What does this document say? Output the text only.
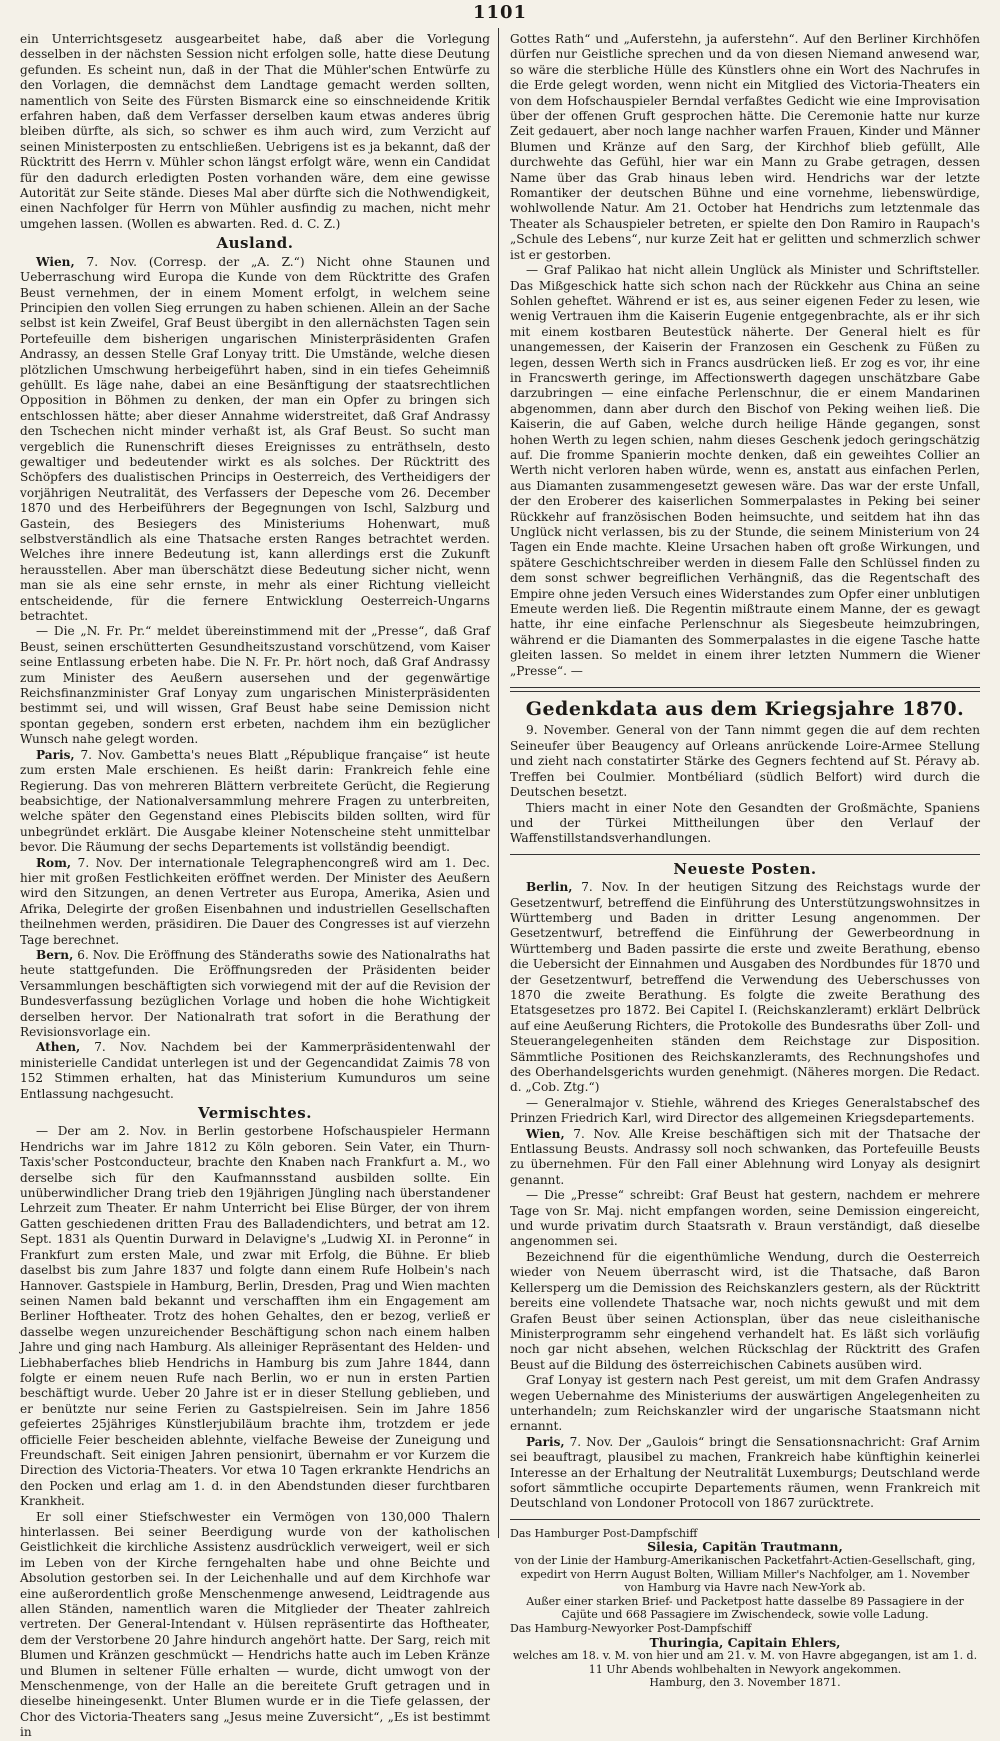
1101

ein Unterrichtsgesetz ausgearbeitet habe, daß aber die Vorlegung desselben in der nächsten Session nicht erfolgen solle, hatte diese Deutung gefunden. Es scheint nun, daß in der That die Mühler'schen Entwürfe zu den Vorlagen, die demnächst dem Landtage gemacht werden sollten, namentlich von Seite des Fürsten Bismarck eine so einschneidende Kritik erfahren haben, daß dem Verfasser derselben kaum etwas anderes übrig bleiben dürfte, als sich, so schwer es ihm auch wird, zum Verzicht auf seinen Ministerposten zu entschließen. Uebrigens ist es ja bekannt, daß der Rücktritt des Herrn v. Mühler schon längst erfolgt wäre, wenn ein Candidat für den dadurch erledigten Posten vorhanden wäre, dem eine gewisse Autorität zur Seite stände. Dieses Mal aber dürfte sich die Nothwendigkeit, einen Nachfolger für Herrn von Mühler ausfindig zu machen, nicht mehr umgehen lassen. (Wollen es abwarten. Red. d. C. Z.)

Ausland.

Wien, 7. Nov. (Corresp. der „A. Z.“) Nicht ohne Staunen und Ueberraschung wird Europa die Kunde von dem Rücktritte des Grafen Beust vernehmen, der in einem Moment erfolgt, in welchem seine Principien den vollen Sieg errungen zu haben schienen. Allein an der Sache selbst ist kein Zweifel, Graf Beust übergibt in den allernächsten Tagen sein Portefeuille dem bisherigen ungarischen Ministerpräsidenten Grafen Andrassy, an dessen Stelle Graf Lonyay tritt. Die Umstände, welche diesen plötzlichen Umschwung herbeigeführt haben, sind in ein tiefes Geheimniß gehüllt. Es läge nahe, dabei an eine Besänftigung der staatsrechtlichen Opposition in Böhmen zu denken, der man ein Opfer zu bringen sich entschlossen hätte; aber dieser Annahme widerstreitet, daß Graf Andrassy den Tschechen nicht minder verhaßt ist, als Graf Beust. So sucht man vergeblich die Runenschrift dieses Ereignisses zu enträthseln, desto gewaltiger und bedeutender wirkt es als solches. Der Rücktritt des Schöpfers des dualistischen Princips in Oesterreich, des Vertheidigers der vorjährigen Neutralität, des Verfassers der Depesche vom 26. December 1870 und des Herbeiführers der Begegnungen von Ischl, Salzburg und Gastein, des Besiegers des Ministeriums Hohenwart, muß selbstverständlich als eine Thatsache ersten Ranges betrachtet werden. Welches ihre innere Bedeutung ist, kann allerdings erst die Zukunft herausstellen. Aber man überschätzt diese Bedeutung sicher nicht, wenn man sie als eine sehr ernste, in mehr als einer Richtung vielleicht entscheidende, für die fernere Entwicklung Oesterreich-Ungarns betrachtet.

— Die „N. Fr. Pr.“ meldet übereinstimmend mit der „Presse“, daß Graf Beust, seinen erschütterten Gesundheitszustand vorschützend, vom Kaiser seine Entlassung erbeten habe. Die N. Fr. Pr. hört noch, daß Graf Andrassy zum Minister des Aeußern ausersehen und der gegenwärtige Reichsfinanzminister Graf Lonyay zum ungarischen Ministerpräsidenten bestimmt sei, und will wissen, Graf Beust habe seine Demission nicht spontan gegeben, sondern erst erbeten, nachdem ihm ein bezüglicher Wunsch nahe gelegt worden.

Paris, 7. Nov. Gambetta's neues Blatt „République française“ ist heute zum ersten Male erschienen. Es heißt darin: Frankreich fehle eine Regierung. Das von mehreren Blättern verbreitete Gerücht, die Regierung beabsichtige, der Nationalversammlung mehrere Fragen zu unterbreiten, welche später den Gegenstand eines Plebiscits bilden sollten, wird für unbegründet erklärt. Die Ausgabe kleiner Notenscheine steht unmittelbar bevor. Die Räumung der sechs Departements ist vollständig beendigt.

Rom, 7. Nov. Der internationale Telegraphencongreß wird am 1. Dec. hier mit großen Festlichkeiten eröffnet werden. Der Minister des Aeußern wird den Sitzungen, an denen Vertreter aus Europa, Amerika, Asien und Afrika, Delegirte der großen Eisenbahnen und industriellen Gesellschaften theilnehmen werden, präsidiren. Die Dauer des Congresses ist auf vierzehn Tage berechnet.

Bern, 6. Nov. Die Eröffnung des Ständeraths sowie des Nationalraths hat heute stattgefunden. Die Eröffnungsreden der Präsidenten beider Versammlungen beschäftigten sich vorwiegend mit der auf die Revision der Bundesverfassung bezüglichen Vorlage und hoben die hohe Wichtigkeit derselben hervor. Der Nationalrath trat sofort in die Berathung der Revisionsvorlage ein.

Athen, 7. Nov. Nachdem bei der Kammerpräsidentenwahl der ministerielle Candidat unterlegen ist und der Gegencandidat Zaimis 78 von 152 Stimmen erhalten, hat das Ministerium Kumunduros um seine Entlassung nachgesucht.

Vermischtes.

— Der am 2. Nov. in Berlin gestorbene Hofschauspieler Hermann Hendrichs war im Jahre 1812 zu Köln geboren. Sein Vater, ein Thurn-Taxis'scher Postconducteur, brachte den Knaben nach Frankfurt a. M., wo derselbe sich für den Kaufmannsstand ausbilden sollte. Ein unüberwindlicher Drang trieb den 19jährigen Jüngling nach überstandener Lehrzeit zum Theater. Er nahm Unterricht bei Elise Bürger, der von ihrem Gatten geschiedenen dritten Frau des Balladendichters, und betrat am 12. Sept. 1831 als Quentin Durward in Delavigne's „Ludwig XI. in Peronne“ in Frankfurt zum ersten Male, und zwar mit Erfolg, die Bühne. Er blieb daselbst bis zum Jahre 1837 und folgte dann einem Rufe Holbein's nach Hannover. Gastspiele in Hamburg, Berlin, Dresden, Prag und Wien machten seinen Namen bald bekannt und verschafften ihm ein Engagement am Berliner Hoftheater. Trotz des hohen Gehaltes, den er bezog, verließ er dasselbe wegen unzureichender Beschäftigung schon nach einem halben Jahre und ging nach Hamburg. Als alleiniger Repräsentant des Helden- und Liebhaberfaches blieb Hendrichs in Hamburg bis zum Jahre 1844, dann folgte er einem neuen Rufe nach Berlin, wo er nun in ersten Partien beschäftigt wurde. Ueber 20 Jahre ist er in dieser Stellung geblieben, und er benützte nur seine Ferien zu Gastspielreisen. Sein im Jahre 1856 gefeiertes 25jähriges Künstlerjubiläum brachte ihm, trotzdem er jede officielle Feier bescheiden ablehnte, vielfache Beweise der Zuneigung und Freundschaft. Seit einigen Jahren pensionirt, übernahm er vor Kurzem die Direction des Victoria-Theaters. Vor etwa 10 Tagen erkrankte Hendrichs an den Pocken und erlag am 1. d. in den Abendstunden dieser furchtbaren Krankheit.

Er soll einer Stiefschwester ein Vermögen von 130,000 Thalern hinterlassen. Bei seiner Beerdigung wurde von der katholischen Geistlichkeit die kirchliche Assistenz ausdrücklich verweigert, weil er sich im Leben von der Kirche ferngehalten habe und ohne Beichte und Absolution gestorben sei. In der Leichenhalle und auf dem Kirchhofe war eine außerordentlich große Menschenmenge anwesend, Leidtragende aus allen Ständen, namentlich waren die Mitglieder der Theater zahlreich vertreten. Der General-Intendant v. Hülsen repräsentirte das Hoftheater, dem der Verstorbene 20 Jahre hindurch angehört hatte. Der Sarg, reich mit Blumen und Kränzen geschmückt — Hendrichs hatte auch im Leben Kränze und Blumen in seltener Fülle erhalten — wurde, dicht umwogt von der Menschenmenge, von der Halle an die bereitete Gruft getragen und in dieselbe hineingesenkt. Unter Blumen wurde er in die Tiefe gelassen, der Chor des Victoria-Theaters sang „Jesus meine Zuversicht“, „Es ist bestimmt in

Gottes Rath“ und „Auferstehn, ja auferstehn“. Auf den Berliner Kirchhöfen dürfen nur Geistliche sprechen und da von diesen Niemand anwesend war, so wäre die sterbliche Hülle des Künstlers ohne ein Wort des Nachrufes in die Erde gelegt worden, wenn nicht ein Mitglied des Victoria-Theaters ein von dem Hofschauspieler Berndal verfaßtes Gedicht wie eine Improvisation über der offenen Gruft gesprochen hätte. Die Ceremonie hatte nur kurze Zeit gedauert, aber noch lange nachher warfen Frauen, Kinder und Männer Blumen und Kränze auf den Sarg, der Kirchhof blieb gefüllt, Alle durchwehte das Gefühl, hier war ein Mann zu Grabe getragen, dessen Name über das Grab hinaus leben wird. Hendrichs war der letzte Romantiker der deutschen Bühne und eine vornehme, liebenswürdige, wohlwollende Natur. Am 21. October hat Hendrichs zum letztenmale das Theater als Schauspieler betreten, er spielte den Don Ramiro in Raupach's „Schule des Lebens“, nur kurze Zeit hat er gelitten und schmerzlich schwer ist er gestorben.

— Graf Palikao hat nicht allein Unglück als Minister und Schriftsteller. Das Mißgeschick hatte sich schon nach der Rückkehr aus China an seine Sohlen geheftet. Während er ist es, aus seiner eigenen Feder zu lesen, wie wenig Vertrauen ihm die Kaiserin Eugenie entgegenbrachte, als er ihr sich mit einem kostbaren Beutestück näherte. Der General hielt es für unangemessen, der Kaiserin der Franzosen ein Geschenk zu Füßen zu legen, dessen Werth sich in Francs ausdrücken ließ. Er zog es vor, ihr eine in Francswerth geringe, im Affectionswerth dagegen unschätzbare Gabe darzubringen — eine einfache Perlenschnur, die er einem Mandarinen abgenommen, dann aber durch den Bischof von Peking weihen ließ. Die Kaiserin, die auf Gaben, welche durch heilige Hände gegangen, sonst hohen Werth zu legen schien, nahm dieses Geschenk jedoch geringschätzig auf. Die fromme Spanierin mochte denken, daß ein geweihtes Collier an Werth nicht verloren haben würde, wenn es, anstatt aus einfachen Perlen, aus Diamanten zusammengesetzt gewesen wäre. Das war der erste Unfall, der den Eroberer des kaiserlichen Sommerpalastes in Peking bei seiner Rückkehr auf französischen Boden heimsuchte, und seitdem hat ihn das Unglück nicht verlassen, bis zu der Stunde, die seinem Ministerium von 24 Tagen ein Ende machte. Kleine Ursachen haben oft große Wirkungen, und spätere Geschichtschreiber werden in diesem Falle den Schlüssel finden zu dem sonst schwer begreiflichen Verhängniß, das die Regentschaft des Empire ohne jeden Versuch eines Widerstandes zum Opfer einer unblutigen Emeute werden ließ. Die Regentin mißtraute einem Manne, der es gewagt hatte, ihr eine einfache Perlenschnur als Siegesbeute heimzubringen, während er die Diamanten des Sommerpalastes in die eigene Tasche hatte gleiten lassen. So meldet in einem ihrer letzten Nummern die Wiener „Presse“. —

Gedenkdata aus dem Kriegsjahre 1870.

9. November. General von der Tann nimmt gegen die auf dem rechten Seineufer über Beaugency auf Orleans anrückende Loire-Armee Stellung und zieht nach constatirter Stärke des Gegners fechtend auf St. Péravy ab. Treffen bei Coulmier. Montbéliard (südlich Belfort) wird durch die Deutschen besetzt.

Thiers macht in einer Note den Gesandten der Großmächte, Spaniens und der Türkei Mittheilungen über den Verlauf der Waffenstillstandsverhandlungen.

Neueste Posten.

Berlin, 7. Nov. In der heutigen Sitzung des Reichstags wurde der Gesetzentwurf, betreffend die Einführung des Unterstützungswohnsitzes in Württemberg und Baden in dritter Lesung angenommen. Der Gesetzentwurf, betreffend die Einführung der Gewerbeordnung in Württemberg und Baden passirte die erste und zweite Berathung, ebenso die Uebersicht der Einnahmen und Ausgaben des Nordbundes für 1870 und der Gesetzentwurf, betreffend die Verwendung des Ueberschusses von 1870 die zweite Berathung. Es folgte die zweite Berathung des Etatsgesetzes pro 1872. Bei Capitel I. (Reichskanzleramt) erklärt Delbrück auf eine Aeußerung Richters, die Protokolle des Bundesraths über Zoll- und Steuerangelegenheiten ständen dem Reichstage zur Disposition. Sämmtliche Positionen des Reichskanzleramts, des Rechnungshofes und des Oberhandelsgerichts wurden genehmigt. (Näheres morgen. Die Redact. d. „Cob. Ztg.“)

— Generalmajor v. Stiehle, während des Krieges Generalstabschef des Prinzen Friedrich Karl, wird Director des allgemeinen Kriegsdepartements.

Wien, 7. Nov. Alle Kreise beschäftigen sich mit der Thatsache der Entlassung Beusts. Andrassy soll noch schwanken, das Portefeuille Beusts zu übernehmen. Für den Fall einer Ablehnung wird Lonyay als designirt genannt.

— Die „Presse“ schreibt: Graf Beust hat gestern, nachdem er mehrere Tage von Sr. Maj. nicht empfangen worden, seine Demission eingereicht, und wurde privatim durch Staatsrath v. Braun verständigt, daß dieselbe angenommen sei.

Bezeichnend für die eigenthümliche Wendung, durch die Oesterreich wieder von Neuem überrascht wird, ist die Thatsache, daß Baron Kellersperg um die Demission des Reichskanzlers gestern, als der Rücktritt bereits eine vollendete Thatsache war, noch nichts gewußt und mit dem Grafen Beust über seinen Actionsplan, über das neue cisleithanische Ministerprogramm sehr eingehend verhandelt hat. Es läßt sich vorläufig noch gar nicht absehen, welchen Rückschlag der Rücktritt des Grafen Beust auf die Bildung des österreichischen Cabinets ausüben wird.

Graf Lonyay ist gestern nach Pest gereist, um mit dem Grafen Andrassy wegen Uebernahme des Ministeriums der auswärtigen Angelegenheiten zu unterhandeln; zum Reichskanzler wird der ungarische Staatsmann nicht ernannt.

Paris, 7. Nov. Der „Gaulois“ bringt die Sensationsnachricht: Graf Arnim sei beauftragt, plausibel zu machen, Frankreich habe künftighin keinerlei Interesse an der Erhaltung der Neutralität Luxemburgs; Deutschland werde sofort sämmtliche occupirte Departements räumen, wenn Frankreich mit Deutschland von Londoner Protocoll von 1867 zurücktrete.

Das Hamburger Post-Dampfschiff
Silesia, Capitän Trautmann,
von der Linie der Hamburg-Amerikanischen Packetfahrt-Actien-Gesellschaft, ging, expedirt von Herrn August Bolten, William Miller's Nachfolger, am 1. November von Hamburg via Havre nach New-York ab.
Außer einer starken Brief- und Packetpost hatte dasselbe 89 Passagiere in der Cajüte und 668 Passagiere im Zwischendeck, sowie volle Ladung.
Das Hamburg-Newyorker Post-Dampfschiff
Thuringia, Capitain Ehlers,
welches am 18. v. M. von hier und am 21. v. M. von Havre abgegangen, ist am 1. d. 11 Uhr Abends wohlbehalten in Newyork angekommen.
Hamburg, den 3. November 1871.
